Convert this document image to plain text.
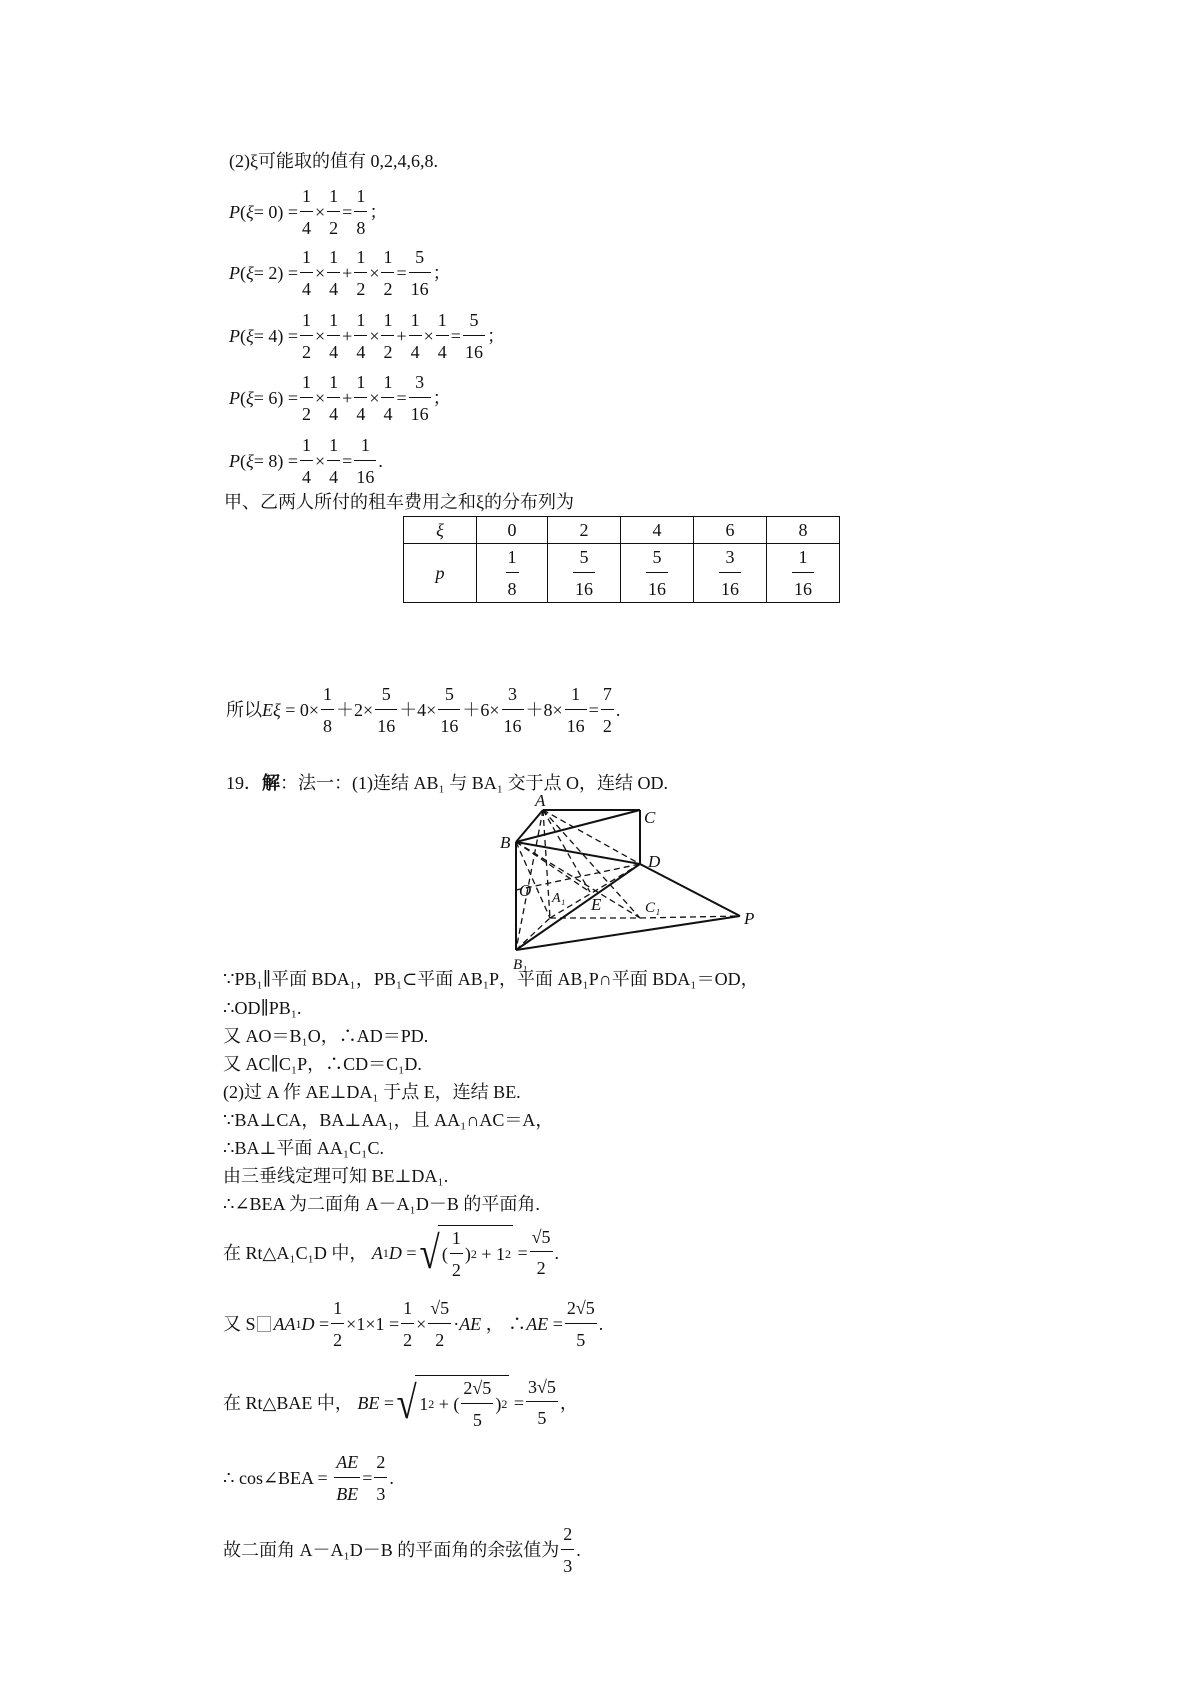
(2)ξ可能取的值有 0,2,4,6,8.
P ( $\xi = 0) = \frac{1}{4} \times \frac{1}{2} = \frac{1}{8}$ ；
P ( $\xi = 2) = \frac{1}{4} \times \frac{1}{4} + \frac{1}{2} \times \frac{1}{2} = \frac{5}{16}$ ；
P ( $\xi = 4) = \frac{1}{2} \times \frac{1}{4} + \frac{1}{4} \times \frac{1}{2} + \frac{1}{4} \times \frac{1}{4} = \frac{5}{16}$ ；
P ( $\xi = 6) = \frac{1}{2} \times \frac{1}{4} + \frac{1}{4} \times \frac{1}{4} = \frac{3}{16}$ ；
P ( $\xi = 8) = \frac{1}{4} \times \frac{1}{4} = \frac{1}{16}$ .
甲、乙两人所付的租车费用之和ξ的分布列为
ξ	0	2	4	6	8
p	$\frac{1}{8}$	$\frac{5}{16}$	$\frac{5}{16}$	$\frac{3}{16}$	$\frac{1}{16}$
所以 E $\xi = 0\times \frac{1}{8} +2\times \frac{5}{16} +4\times \frac{5}{16} +6\times \frac{3}{16} +8\times \frac{1}{16} = \frac{7}{2}$ .
19．解：法一：(1)连结 AB₁ 与 BA₁ 交于点 O，连结 OD.
A
C
B
D
O A₁ E	C₁
P
B₁
∵PB₁∥平面 BDA₁，PB₁⊂平面 AB₁P，平面 AB₁P∩平面 BDA₁＝OD，
∴OD∥PB₁.
又 AO＝B₁O，∴AD＝PD.
又 AC∥C₁P，∴CD＝C₁D.
(2)过 A 作 AE⊥DA₁ 于点 E，连结 BE.
∵BA⊥CA，BA⊥AA₁，且 AA₁∩AC＝A，
∴BA⊥平面 AA₁C₁C.
由三垂线定理可知 BE⊥DA₁.
∴∠BEA 为二面角 A－A₁D－B 的平面角.
在 Rt△A₁C₁D 中，
A 1 D = √ ( $\frac{1}{2}$ ) 2 + 1 $2 = \frac{√5}{2}$ .
又 S AA 1 $D = \frac{1}{2} \times 1\times 1 = \frac{1}{2} \times \frac{√5}{2}$ · AE ， ∴ AE = $\frac{2√5}{5}$ .
在 Rt△BAE 中，
BE = √ 1 2 + ( $\frac{2√5}{5}$ ) $2 = \frac{3√5}{5}$ ，
∴ cos∠BEA =
$\frac{AE}{BE} = \frac{2}{3}$ .
故二面角 A－A₁D－B 的平面角的余弦值为 $\frac{2}{3}$ .
